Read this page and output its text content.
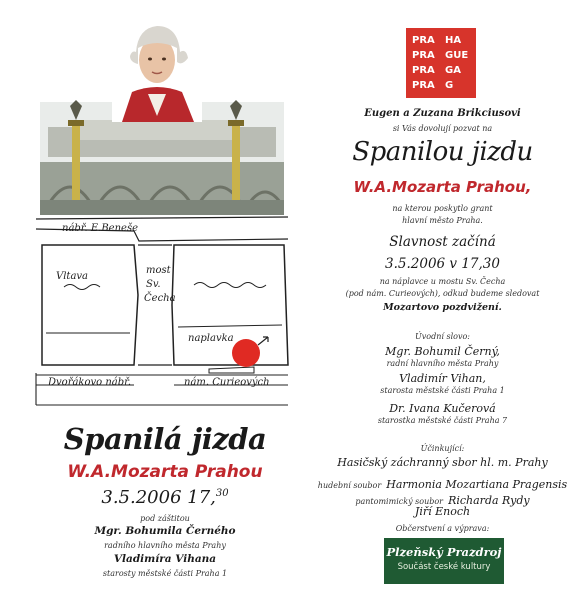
nábř. E.Beneše
Vltava
most
Sv.
Čecha
naplavka
Dvořákovo nábř.	nám. Curieových
Spanilá jizda
W.A.Mozarta Prahou
3.5.2006 17,30
pod záštitou
Mgr. Bohumila Černého
radního hlavního města Prahy
Vladimíra Vihana
starosty městské části Praha 1
PRA	HA
PRA	GUE
PRA	GA
PRA	G
Eugen a Zuzana Brikciusovi
si Vás dovolují pozvat na
Spanilou jizdu
W.A.Mozarta Prahou,
na kterou poskytlo grant
hlavní město Praha.
Slavnost začíná
3.5.2006 v 17,30
na náplavce u mostu Sv. Čecha
(pod nám. Curieových), odkud budeme sledovat
Mozartovo pozdvižení.
Úvodní slovo:
Mgr. Bohumil Černý,
radní hlavního města Prahy
Vladimír Vihan,
starosta městské části Praha 1
Dr. Ivana Kučerová
starostka městské části Praha 7
Účinkující:
Hasičský záchranný sbor hl. m. Prahy
hudební soubor Harmonia Mozartiana Pragensis
pantomimický soubor Richarda Rydy
Jiří Enoch
Občerstvení a výprava:
Plzeňský Prazdroj
Součást české kultury
